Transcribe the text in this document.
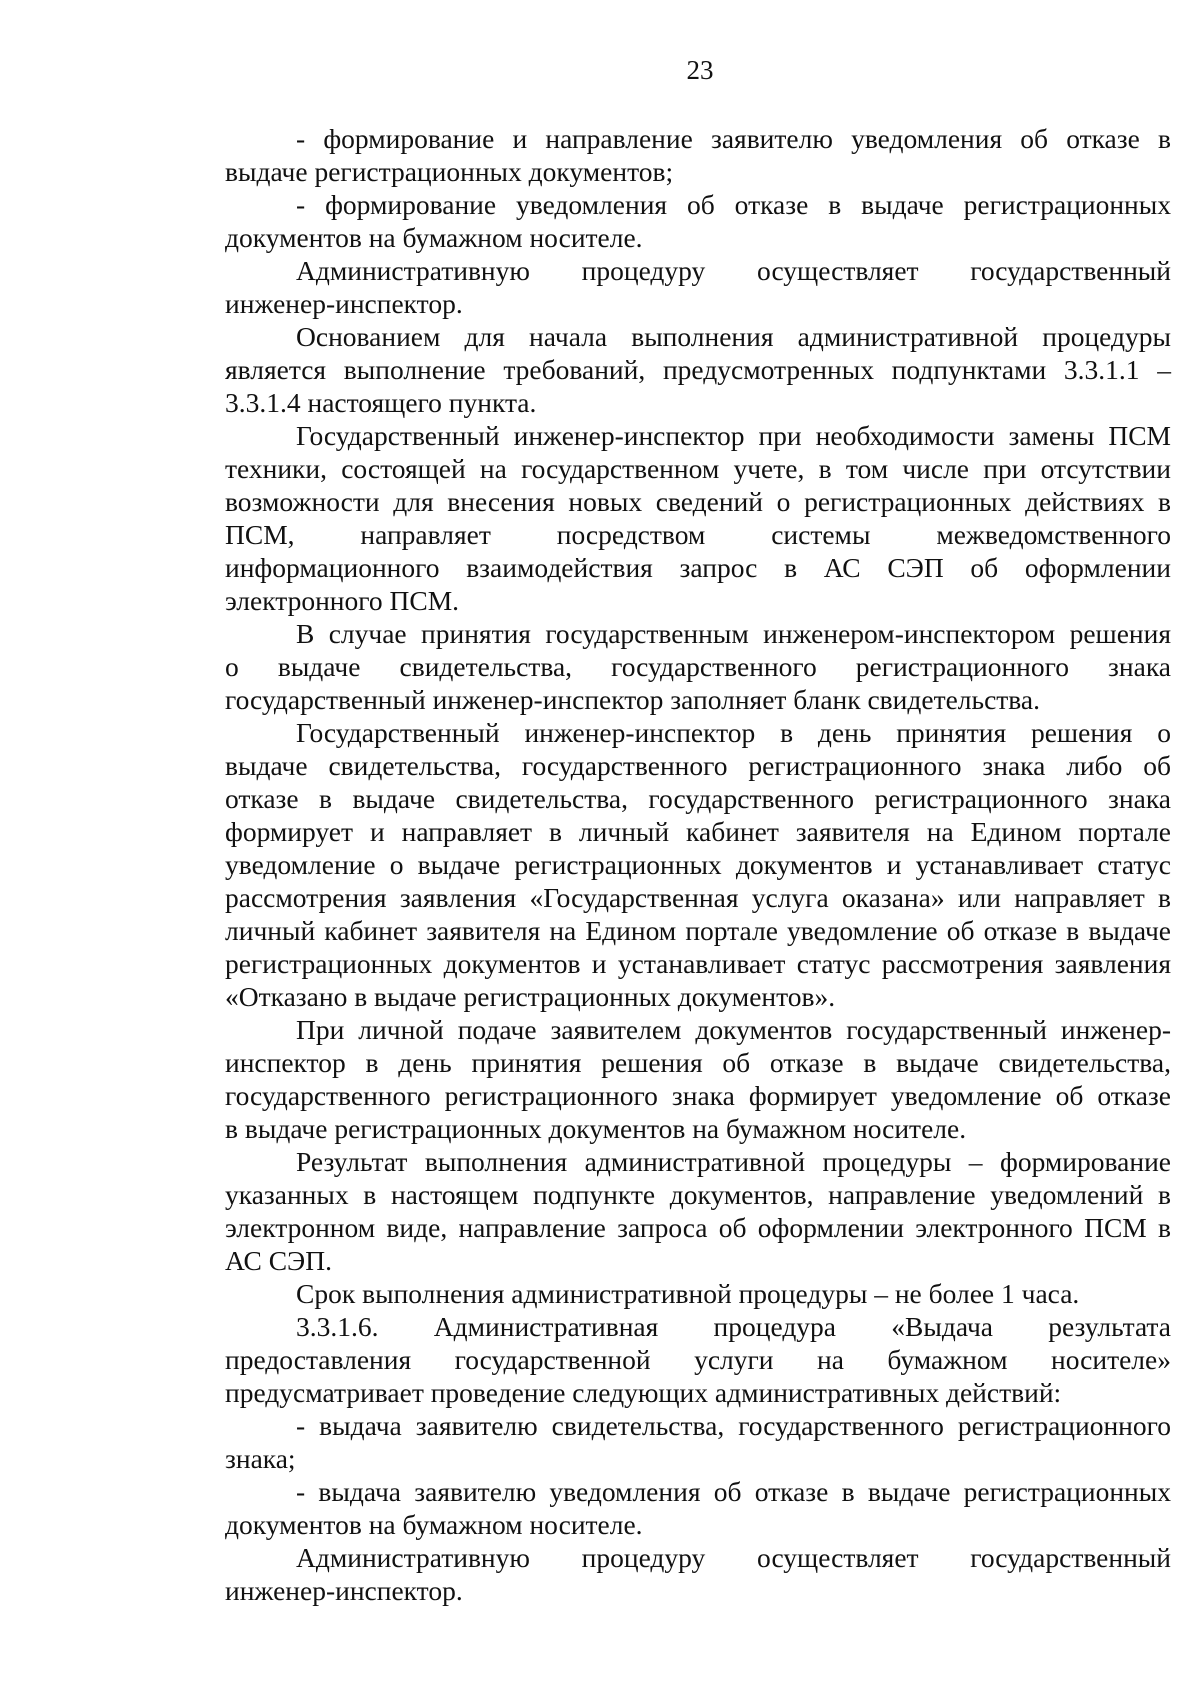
23
- формирование и направление заявителю уведомления об отказе в
выдаче регистрационных документов;
- формирование уведомления об отказе в выдаче регистрационных
документов на бумажном носителе.
Административную процедуру осуществляет государственный
инженер-инспектор.
Основанием для начала выполнения административной процедуры
является выполнение требований, предусмотренных подпунктами 3.3.1.1 –
3.3.1.4 настоящего пункта.
Государственный инженер-инспектор при необходимости замены ПСМ
техники, состоящей на государственном учете, в том числе при отсутствии
возможности для внесения новых сведений о регистрационных действиях в
ПСМ, направляет посредством системы межведомственного
информационного взаимодействия запрос в АС СЭП об оформлении
электронного ПСМ.
В случае принятия государственным инженером-инспектором решения
о выдаче свидетельства, государственного регистрационного знака
государственный инженер-инспектор заполняет бланк свидетельства.
Государственный инженер-инспектор в день принятия решения о
выдаче свидетельства, государственного регистрационного знака либо об
отказе в выдаче свидетельства, государственного регистрационного знака
формирует и направляет в личный кабинет заявителя на Едином портале
уведомление о выдаче регистрационных документов и устанавливает статус
рассмотрения заявления «Государственная услуга оказана» или направляет в
личный кабинет заявителя на Едином портале уведомление об отказе в выдаче
регистрационных документов и устанавливает статус рассмотрения заявления
«Отказано в выдаче регистрационных документов».
При личной подаче заявителем документов государственный инженер-
инспектор в день принятия решения об отказе в выдаче свидетельства,
государственного регистрационного знака формирует уведомление об отказе
в выдаче регистрационных документов на бумажном носителе.
Результат выполнения административной процедуры – формирование
указанных в настоящем подпункте документов, направление уведомлений в
электронном виде, направление запроса об оформлении электронного ПСМ в
АС СЭП.
Срок выполнения административной процедуры – не более 1 часа.
3.3.1.6. Административная процедура «Выдача результата
предоставления государственной услуги на бумажном носителе»
предусматривает проведение следующих административных действий:
- выдача заявителю свидетельства, государственного регистрационного
знака;
- выдача заявителю уведомления об отказе в выдаче регистрационных
документов на бумажном носителе.
Административную процедуру осуществляет государственный
инженер-инспектор.
